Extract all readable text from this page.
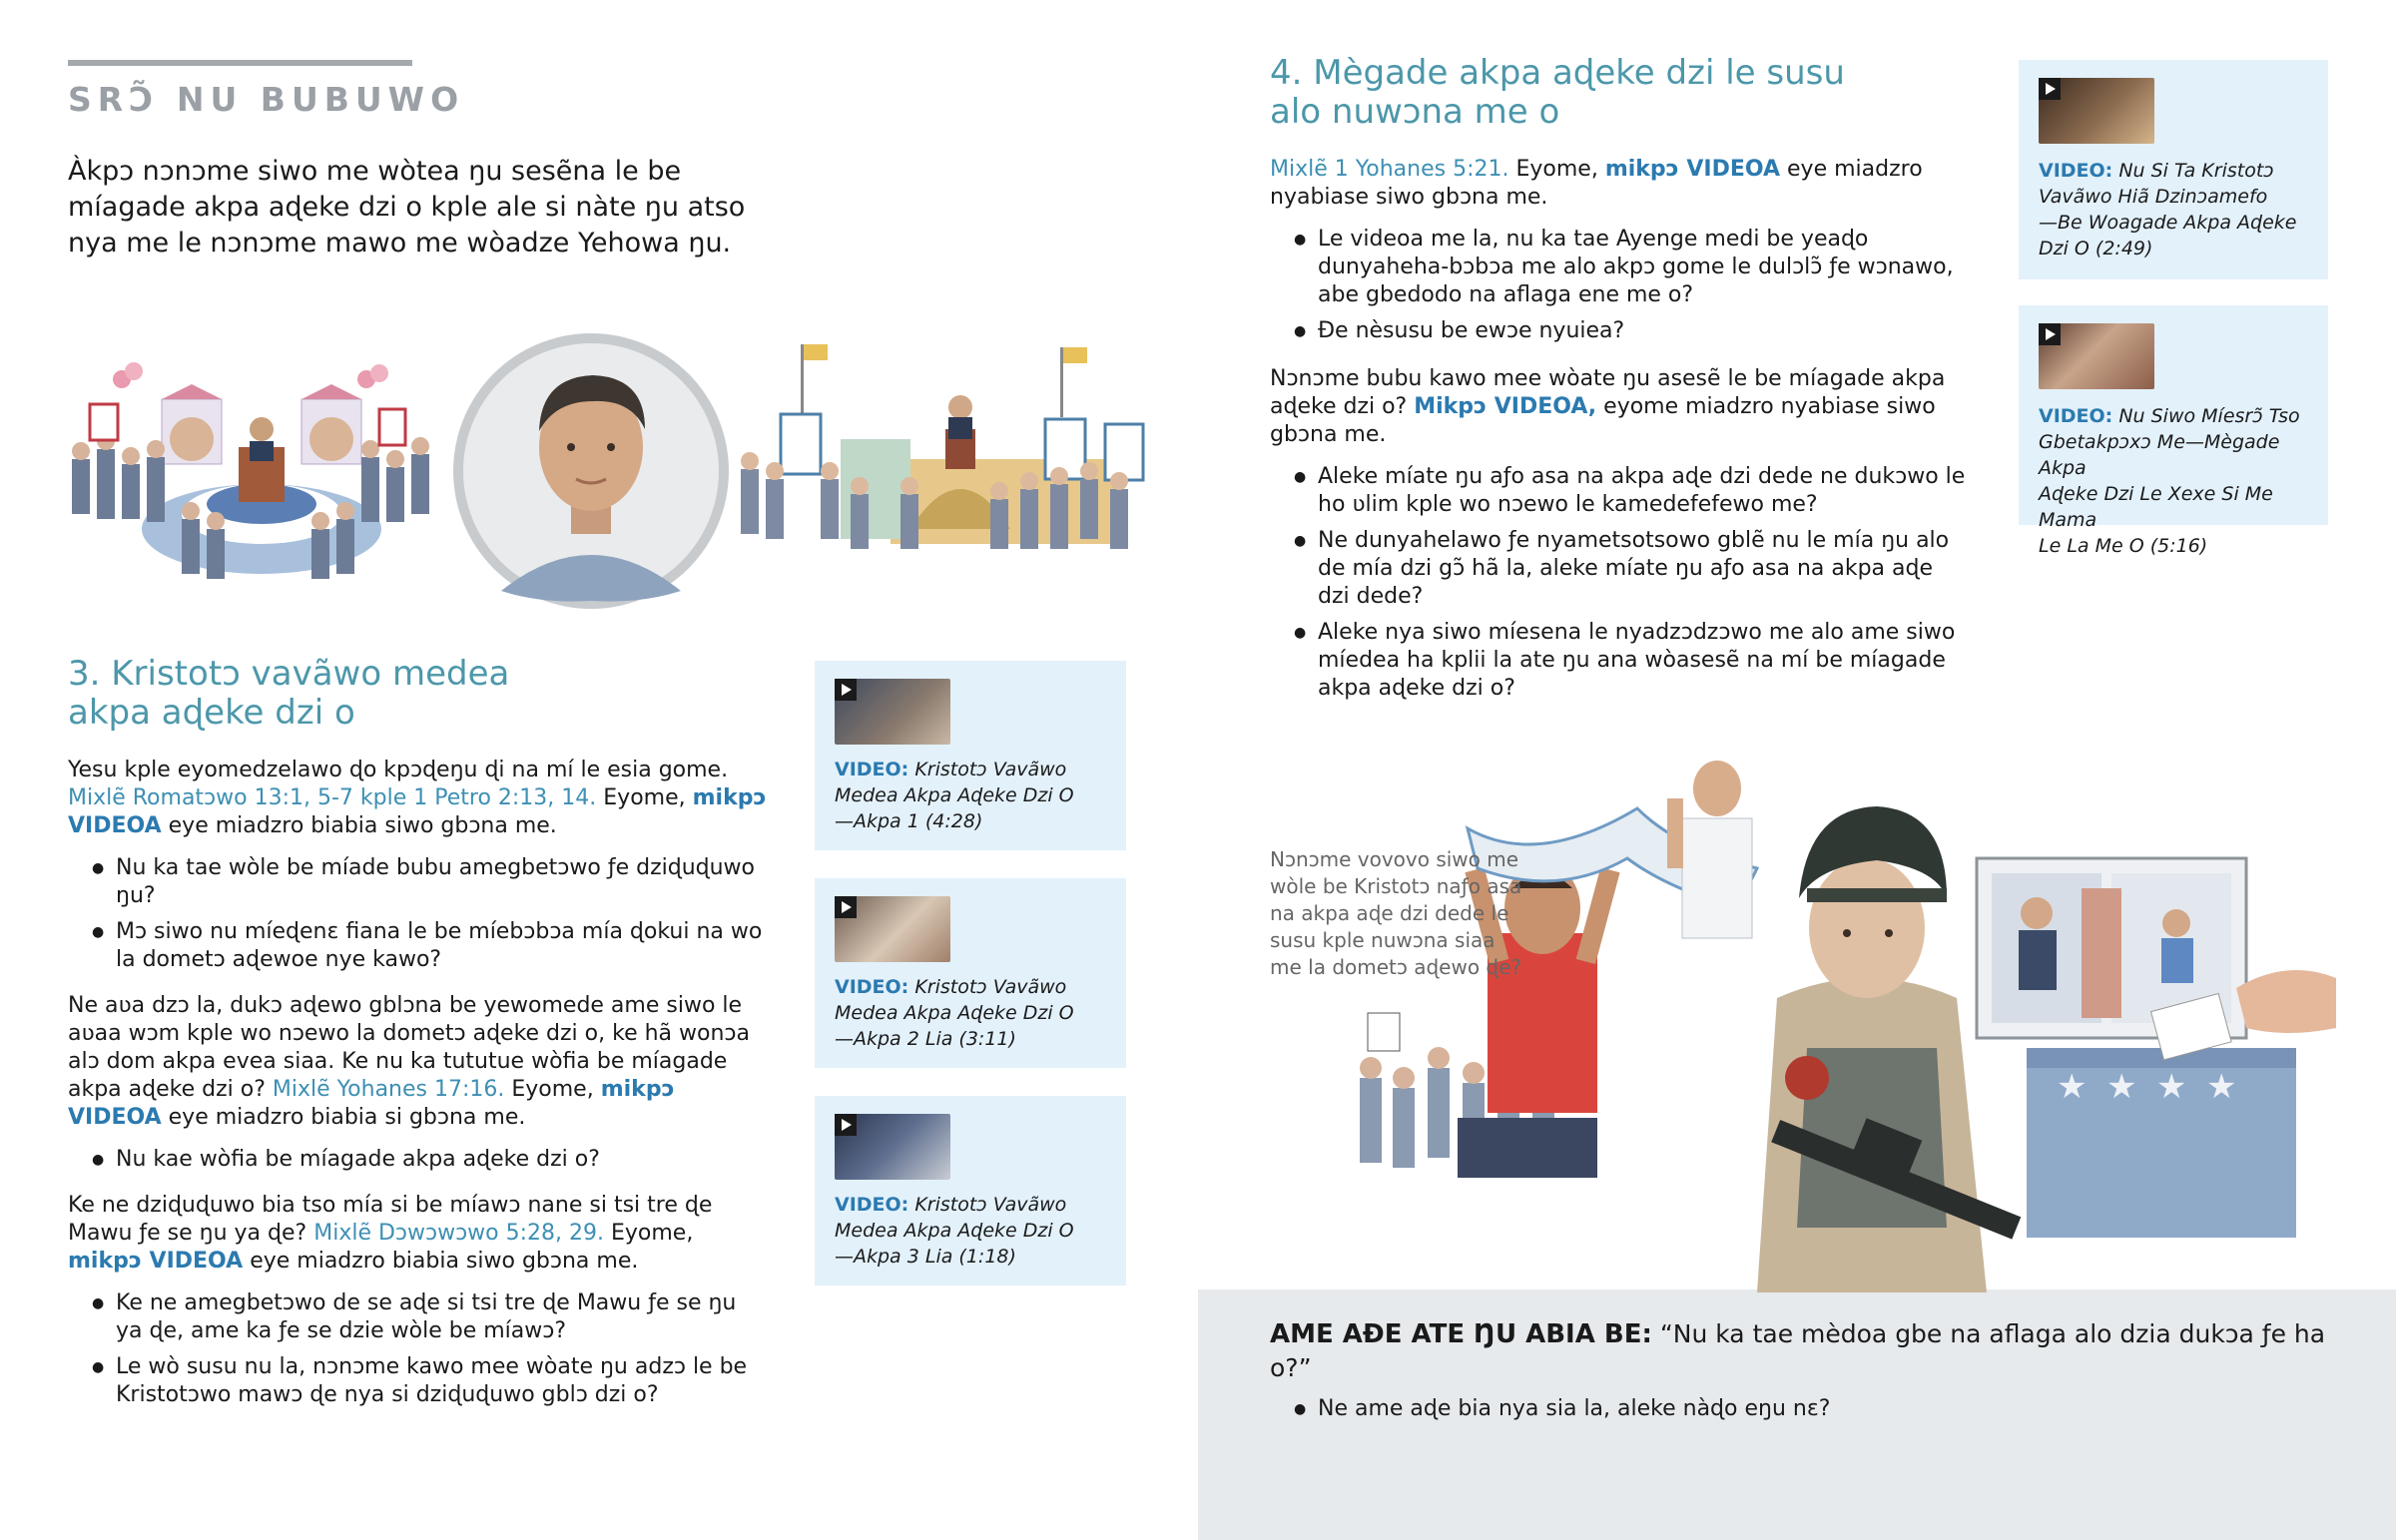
SRƆ̃ NU BUBUWO
Àkpɔ nɔnɔme siwo me wòtea ŋu sesẽna le be míagade akpa aɖeke dzi o kple ale si nàte ŋu atso nya me le nɔnɔme mawo me wòadze Yehowa ŋu.
3. Kristotɔ vavãwo medea
akpa aɖeke dzi o

Yesu kple eyomedzelawo ɖo kpɔɖeŋu ɖi na mí le esia gome. Mixlẽ Romatɔwo 13:1, 5-7 kple 1 Petro 2:13, 14. Eyome, mikpɔ VIDEOA eye miadzro biabia siwo gbɔna me.

● Nu ka tae wòle be míade bubu amegbetɔwo ƒe dziɖuɖuwo ŋu?
● Mɔ siwo nu míeɖenɛ fiana le be míebɔbɔa mía ɖokui na wo la dometɔ aɖewoe nye kawo?

Ne aʋa dzɔ la, dukɔ aɖewo gblɔna be yewomede ame siwo le aʋaa wɔm kple wo nɔewo la dometɔ aɖeke dzi o, ke hã wonɔa alɔ dom akpa evea siaa. Ke nu ka tututue wòfia be míagade akpa aɖeke dzi o? Mixlẽ Yohanes 17:16. Eyome, mikpɔ VIDEOA eye miadzro biabia si gbɔna me.

● Nu kae wòfia be míagade akpa aɖeke dzi o?

Ke ne dziɖuɖuwo bia tso mía si be míawɔ nane si tsi tre ɖe Mawu ƒe se ŋu ya ɖe? Mixlẽ Dɔwɔwɔwo 5:28, 29. Eyome, mikpɔ VIDEOA eye miadzro biabia siwo gbɔna me.

● Ke ne amegbetɔwo de se aɖe si tsi tre ɖe Mawu ƒe se ŋu ya ɖe, ame ka ƒe se dzie wòle be míawɔ?
● Le wò susu nu la, nɔnɔme kawo mee wòate ŋu adzɔ le be Kristotɔwo mawɔ ɖe nya si dziɖuɖuwo gblɔ dzi o?
VIDEO: Kristotɔ Vavãwo
Medea Akpa Aɖeke Dzi O
—Akpa 1 (4:28)
VIDEO: Kristotɔ Vavãwo
Medea Akpa Aɖeke Dzi O
—Akpa 2 Lia (3:11)
VIDEO: Kristotɔ Vavãwo
Medea Akpa Aɖeke Dzi O
—Akpa 3 Lia (1:18)
4. Mègade akpa aɖeke dzi le susu
alo nuwɔna me o

Mixlẽ 1 Yohanes 5:21. Eyome, mikpɔ VIDEOA eye miadzro nyabiase siwo gbɔna me.

● Le videoa me la, nu ka tae Ayenge medi be yeaɖo dunyaheha-bɔbɔa me alo akpɔ gome le dulɔlɔ̃ ƒe wɔnawo, abe gbedodo na aflaga ene me o?
● Ðe nèsusu be ewɔe nyuiea?

Nɔnɔme bubu kawo mee wòate ŋu asesẽ le be míagade akpa aɖeke dzi o? Mikpɔ VIDEOA, eyome miadzro nyabiase siwo gbɔna me.

● Aleke míate ŋu aƒo asa na akpa aɖe dzi dede ne dukɔwo le ho ʋlim kple wo nɔewo le kamedefefewo me?
● Ne dunyahelawo ƒe nyametsotsowo gblẽ nu le mía ŋu alo de mía dzi gɔ̃ hã la, aleke míate ŋu aƒo asa na akpa aɖe dzi dede?
● Aleke nya siwo míesena le nyadzɔdzɔwo me alo ame siwo míedea ha kplii la ate ŋu ana wòasesẽ na mí be míagade akpa aɖeke dzi o?
VIDEO: Nu Si Ta Kristotɔ
Vavãwo Hiã Dzinɔamefo
—Be Woagade Akpa Aɖeke
Dzi O (2:49)
VIDEO: Nu Siwo Míesrɔ̃ Tso
Gbetakpɔxɔ Me—Mègade Akpa
Aɖeke Dzi Le Xexe Si Me Mama
Le La Me O (5:16)
★ ★ ★ ★
Nɔnɔme vovovo siwo me wòle be Kristotɔ naƒo asa na akpa aɖe dzi dede le susu kple nuwɔna siaa me la dometɔ aɖewo ɖe?

AME AÐE ATE ŊU ABIA BE: “Nu ka tae mèdoa gbe na aflaga alo dzia dukɔa ƒe ha o?”

● Ne ame aɖe bia nya sia la, aleke nàɖo eŋu nɛ?
